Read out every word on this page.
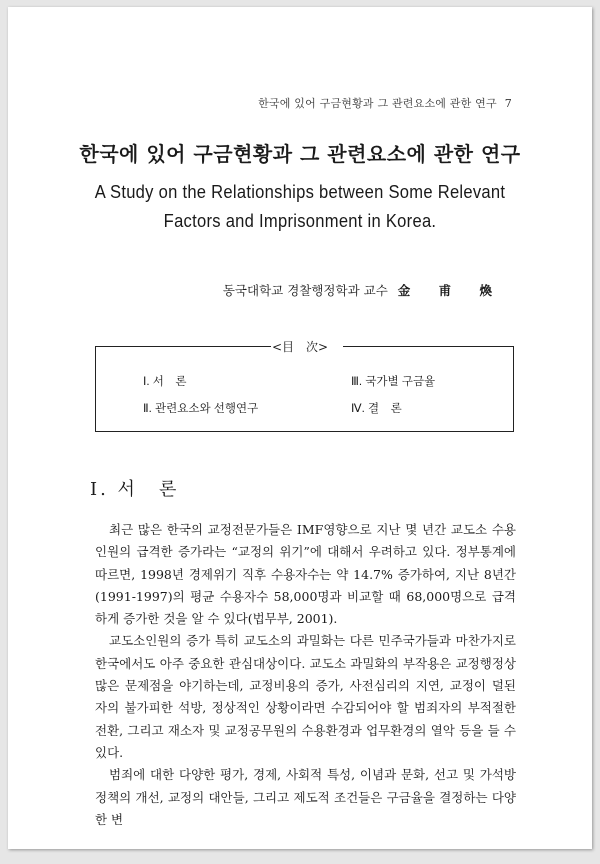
한국에 있어 구금현황과 그 관련요소에 관한 연구 7
한국에 있어 구금현황과 그 관련요소에 관한 연구
A Study on the Relationships between Some Relevant
Factors and Imprisonment in Korea.
동국대학교 경찰행정학과 교수 金 甫 煥
Ⅰ. 서　론
Ⅱ. 관련요소와 선행연구
Ⅲ. 국가별 구금율
Ⅳ. 결　론
<目　次>
Ⅰ. 서　론

최근 많은 한국의 교정전문가들은 IMF영향으로 지난 몇 년간 교도소 수용인원의 급격한 증가라는 “교정의 위기”에 대해서 우려하고 있다. 정부통계에 따르면, 1998년 경제위기 직후 수용자수는 약 14.7% 증가하여, 지난 8년간(1991-1997)의 평균 수용자수 58,000명과 비교할 때 68,000명으로 급격하게 증가한 것을 알 수 있다(법무부, 2001).

교도소인원의 증가 특히 교도소의 과밀화는 다른 민주국가들과 마찬가지로 한국에서도 아주 중요한 관심대상이다. 교도소 과밀화의 부작용은 교정행정상 많은 문제점을 야기하는데, 교정비용의 증가, 사전심리의 지연, 교정이 덜된 자의 불가피한 석방, 정상적인 상황이라면 수감되어야 할 범죄자의 부적절한 전환, 그리고 재소자 및 교정공무원의 수용환경과 업무환경의 열악 등을 들 수 있다.

범죄에 대한 다양한 평가, 경제, 사회적 특성, 이념과 문화, 선고 및 가석방정책의 개선, 교정의 대안들, 그리고 제도적 조건들은 구금율을 결정하는 다양한 변
